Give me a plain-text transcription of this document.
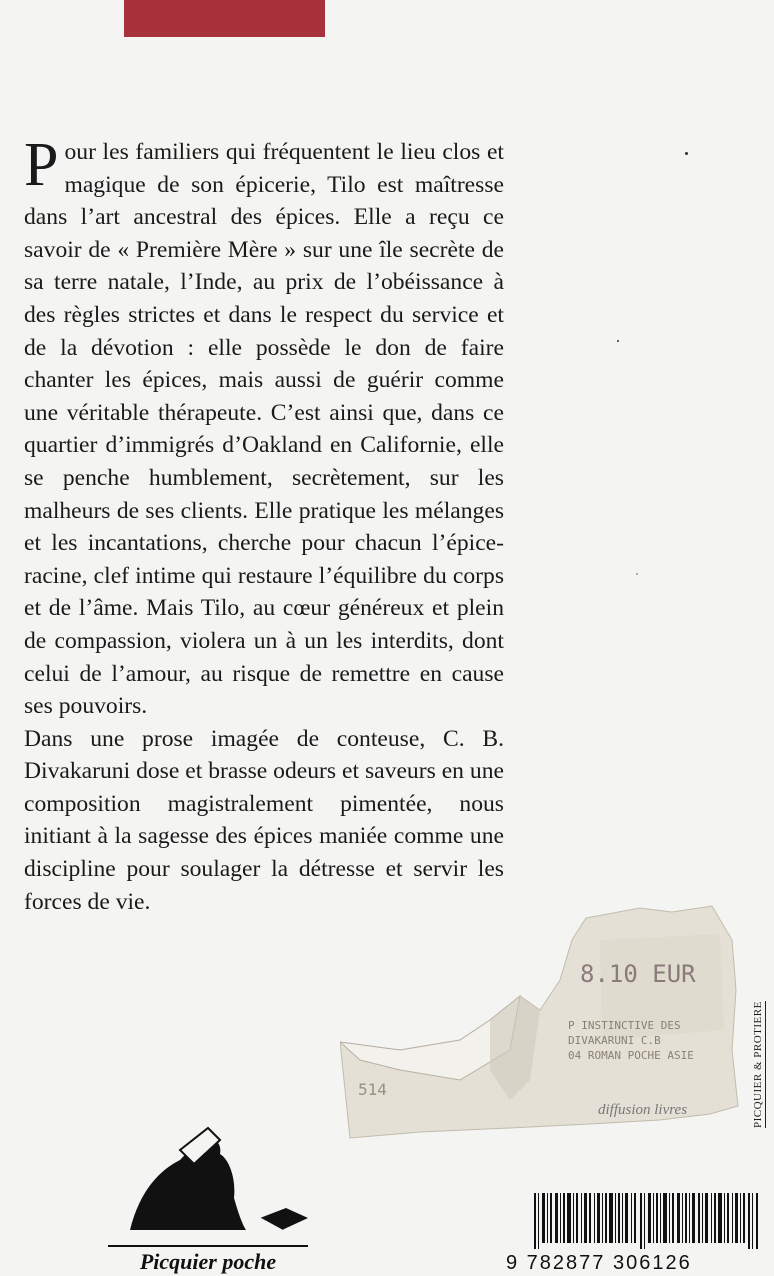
Pour les familiers qui fréquentent le lieu clos et magique de son épicerie, Tilo est maîtresse dans l’art ancestral des épices. Elle a reçu ce savoir de « Première Mère » sur une île secrète de sa terre natale, l’Inde, au prix de l’obéissance à des règles strictes et dans le respect du service et de la dévotion : elle possède le don de faire chanter les épices, mais aussi de guérir comme une véritable thérapeute. C’est ainsi que, dans ce quartier d’immigrés d’Oakland en Californie, elle se penche humblement, secrètement, sur les malheurs de ses clients. Elle pratique les mélanges et les incantations, cherche pour chacun l’épice-racine, clef intime qui restaure l’équilibre du corps et de l’âme. Mais Tilo, au cœur généreux et plein de compassion, violera un à un les interdits, dont celui de l’amour, au risque de remettre en cause ses pouvoirs.

Dans une prose imagée de conteuse, C. B. Divakaruni dose et brasse odeurs et saveurs en une composition magistralement pimentée, nous initiant à la sagesse des épices maniée comme une discipline pour soulager la détresse et servir les forces de vie.

8.10 EUR
P INSTINCTIVE DES
DIVAKARUNI C.B
04 ROMAN POCHE ASIE
514
diffusion livres	PICQUIER & PROTIERE
Picquier poche	9 782877 306126
